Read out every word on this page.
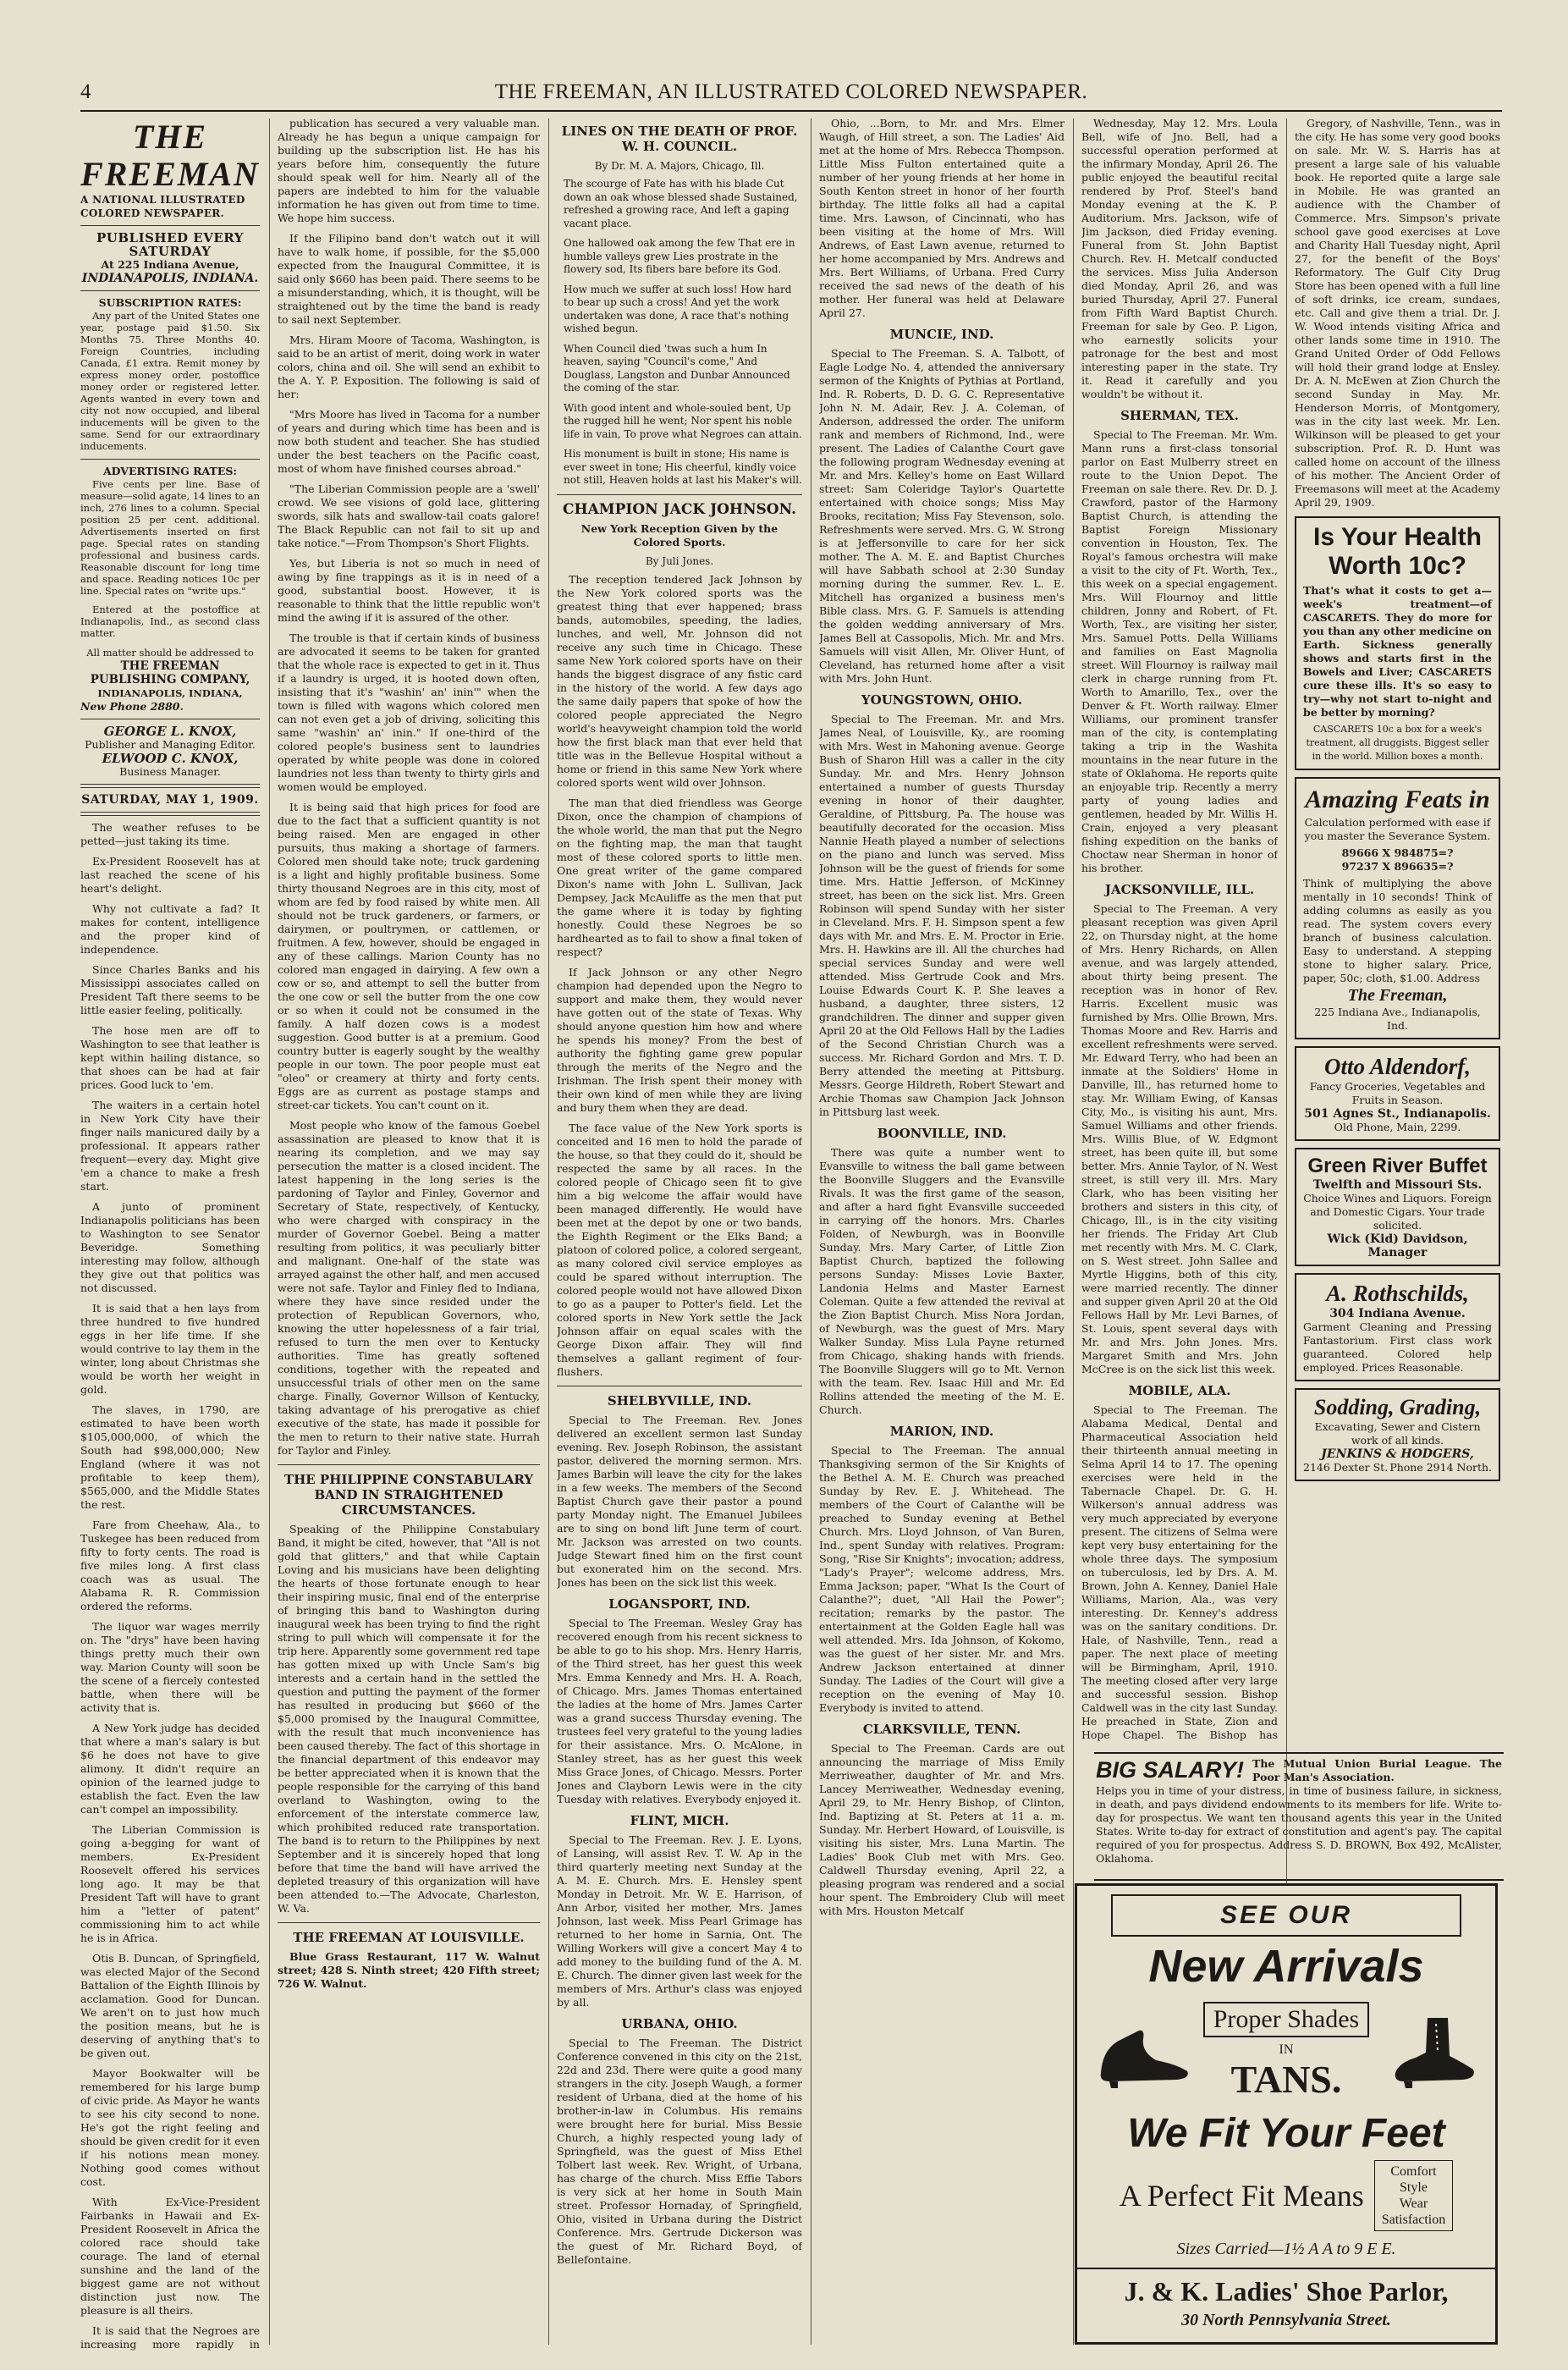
4	THE FREEMAN, AN ILLUSTRATED COLORED NEWSPAPER.
THE FREEMAN
A NATIONAL ILLUSTRATED COLORED NEWSPAPER.
PUBLISHED EVERY SATURDAY
At 225 Indiana Avenue,
INDIANAPOLIS, INDIANA.
SUBSCRIPTION RATES:

Any part of the United States one year, postage paid $1.50. Six Months 75. Three Months 40. Foreign Countries, including Canada, £1 extra. Remit money by express money order, postoffice money order or registered letter. Agents wanted in every town and city not now occupied, and liberal inducements will be given to the same. Send for our extraordinary inducements.

ADVERTISING RATES:

Five cents per line. Base of measure—solid agate, 14 lines to an inch, 276 lines to a column. Special position 25 per cent. additional. Advertisements inserted on first page. Special rates on standing professional and business cards. Reasonable discount for long time and space. Reading notices 10c per line. Special rates on "write ups."

Entered at the postoffice at Indianapolis, Ind., as second class matter.

All matter should be addressed to
THE FREEMAN PUBLISHING COMPANY,
INDIANAPOLIS, INDIANA,
New Phone 2880.
GEORGE L. KNOX,
Publisher and Managing Editor.
ELWOOD C. KNOX,
Business Manager.
SATURDAY, MAY 1, 1909.

The weather refuses to be petted—just taking its time.

Ex-President Roosevelt has at last reached the scene of his heart's delight.

Why not cultivate a fad? It makes for content, intelligence and the proper kind of independence.

Since Charles Banks and his Mississippi associates called on President Taft there seems to be little easier feeling, politically.

The hose men are off to Washington to see that leather is kept within hailing distance, so that shoes can be had at fair prices. Good luck to 'em.

The waiters in a certain hotel in New York City have their finger nails manicured daily by a professional. It appears rather frequent—every day. Might give 'em a chance to make a fresh start.

A junto of prominent Indianapolis politicians has been to Washington to see Senator Beveridge. Something interesting may follow, although they give out that politics was not discussed.

It is said that a hen lays from three hundred to five hundred eggs in her life time. If she would contrive to lay them in the winter, long about Christmas she would be worth her weight in gold.

The slaves, in 1790, are estimated to have been worth $105,000,000, of which the South had $98,000,000; New England (where it was not profitable to keep them), $565,000, and the Middle States the rest.

Fare from Cheehaw, Ala., to Tuskegee has been reduced from fifty to forty cents. The road is five miles long. A first class coach was as usual. The Alabama R. R. Commission ordered the reforms.

The liquor war wages merrily on. The "drys" have been having things pretty much their own way. Marion County will soon be the scene of a fiercely contested battle, when there will be activity that is.

A New York judge has decided that where a man's salary is but $6 he does not have to give alimony. It didn't require an opinion of the learned judge to establish the fact. Even the law can't compel an impossibility.

The Liberian Commission is going a-begging for want of members. Ex-President Roosevelt offered his services long ago. It may be that President Taft will have to grant him a "letter of patent" commissioning him to act while he is in Africa.

Otis B. Duncan, of Springfield, was elected Major of the Second Battalion of the Eighth Illinois by acclamation. Good for Duncan. We aren't on to just how much the position means, but he is deserving of anything that's to be given out.

Mayor Bookwalter will be remembered for his large bump of civic pride. As Mayor he wants to see his city second to none. He's got the right feeling and should be given credit for it even if his notions mean money. Nothing good comes without cost.

With Ex-Vice-President Fairbanks in Hawaii and Ex-President Roosevelt in Africa the colored race should take courage. The land of eternal sunshine and the land of the biggest game are not without distinction just now. The pleasure is all theirs.

It is said that the Negroes are increasing more rapidly in

publication has secured a very valuable man. Already he has begun a unique campaign for building up the subscription list. He has his years before him, consequently the future should speak well for him. Nearly all of the papers are indebted to him for the valuable information he has given out from time to time. We hope him success.

If the Filipino band don't watch out it will have to walk home, if possible, for the $5,000 expected from the Inaugural Committee, it is said only $660 has been paid. There seems to be a misunderstanding, which, it is thought, will be straightened out by the time the band is ready to sail next September.

Mrs. Hiram Moore of Tacoma, Washington, is said to be an artist of merit, doing work in water colors, china and oil. She will send an exhibit to the A. Y. P. Exposition. The following is said of her:

"Mrs Moore has lived in Tacoma for a number of years and during which time has been and is now both student and teacher. She has studied under the best teachers on the Pacific coast, most of whom have finished courses abroad."

"The Liberian Commission people are a 'swell' crowd. We see visions of gold lace, glittering swords, silk hats and swallow-tail coats galore! The Black Republic can not fail to sit up and take notice."—From Thompson's Short Flights.

Yes, but Liberia is not so much in need of awing by fine trappings as it is in need of a good, substantial boost. However, it is reasonable to think that the little republic won't mind the awing if it is assured of the other.

The trouble is that if certain kinds of business are advocated it seems to be taken for granted that the whole race is expected to get in it. Thus if a laundry is urged, it is hooted down often, insisting that it's "washin' an' inin'" when the town is filled with wagons which colored men can not even get a job of driving, soliciting this same "washin' an' inin." If one-third of the colored people's business sent to laundries operated by white people was done in colored laundries not less than twenty to thirty girls and women would be employed.

It is being said that high prices for food are due to the fact that a sufficient quantity is not being raised. Men are engaged in other pursuits, thus making a shortage of farmers. Colored men should take note; truck gardening is a light and highly profitable business. Some thirty thousand Negroes are in this city, most of whom are fed by food raised by white men. All should not be truck gardeners, or farmers, or dairymen, or poultrymen, or cattlemen, or fruitmen. A few, however, should be engaged in any of these callings. Marion County has no colored man engaged in dairying. A few own a cow or so, and attempt to sell the butter from the one cow or sell the butter from the one cow or so when it could not be consumed in the family. A half dozen cows is a modest suggestion. Good butter is at a premium. Good country butter is eagerly sought by the wealthy people in our town. The poor people must eat "oleo" or creamery at thirty and forty cents. Eggs are as current as postage stamps and street-car tickets. You can't count on it.

Most people who know of the famous Goebel assassination are pleased to know that it is nearing its completion, and we may say persecution the matter is a closed incident. The latest happening in the long series is the pardoning of Taylor and Finley, Governor and Secretary of State, respectively, of Kentucky, who were charged with conspiracy in the murder of Governor Goebel. Being a matter resulting from politics, it was peculiarly bitter and malignant. One-half of the state was arrayed against the other half, and men accused were not safe. Taylor and Finley fled to Indiana, where they have since resided under the protection of Republican Governors, who, knowing the utter hopelessness of a fair trial, refused to turn the men over to Kentucky authorities. Time has greatly softened conditions, together with the repeated and unsuccessful trials of other men on the same charge. Finally, Governor Willson of Kentucky, taking advantage of his prerogative as chief executive of the state, has made it possible for the men to return to their native state. Hurrah for Taylor and Finley.

THE PHILIPPINE CONSTABULARY BAND IN STRAIGHTENED CIRCUMSTANCES.

Speaking of the Philippine Constabulary Band, it might be cited, however, that "All is not gold that glitters," and that while Captain Loving and his musicians have been delighting the hearts of those fortunate enough to hear their inspiring music, final end of the enterprise of bringing this band to Washington during inaugural week has been trying to find the right string to pull which will compensate it for the trip here. Apparently some government red tape has gotten mixed up with Uncle Sam's big interests and a certain hand in the settled the question and putting the payment of the former has resulted in producing but $660 of the $5,000 promised by the Inaugural Committee, with the result that much inconvenience has been caused thereby. The fact of this shortage in the financial department of this endeavor may be better appreciated when it is known that the people responsible for the carrying of this band overland to Washington, owing to the enforcement of the interstate commerce law, which prohibited reduced rate transportation. The band is to return to the Philippines by next September and it is sincerely hoped that long before that time the band will have arrived the depleted treasury of this organization will have been attended to.—The Advocate, Charleston, W. Va.

THE FREEMAN AT LOUISVILLE.

Blue Grass Restaurant, 117 W. Walnut street; 428 S. Ninth street; 420 Fifth street; 726 W. Walnut.

LINES ON THE DEATH OF PROF. W. H. COUNCIL.
By Dr. M. A. Majors, Chicago, Ill.

The scourge of Fate has with his blade Cut down an oak whose blessed shade Sustained, refreshed a growing race, And left a gaping vacant place.

One hallowed oak among the few That ere in humble valleys grew Lies prostrate in the flowery sod, Its fibers bare before its God.

How much we suffer at such loss! How hard to bear up such a cross! And yet the work undertaken was done, A race that's nothing wished begun.

When Council died 'twas such a hum In heaven, saying "Council's come," And Douglass, Langston and Dunbar Announced the coming of the star.

With good intent and whole-souled bent, Up the rugged hill he went; Nor spent his noble life in vain, To prove what Negroes can attain.

His monument is built in stone; His name is ever sweet in tone; His cheerful, kindly voice not still, Heaven holds at last his Maker's will.

CHAMPION JACK JOHNSON.
New York Reception Given by the Colored Sports.
By Juli Jones.

The reception tendered Jack Johnson by the New York colored sports was the greatest thing that ever happened; brass bands, automobiles, speeding, the ladies, lunches, and well, Mr. Johnson did not receive any such time in Chicago. These same New York colored sports have on their hands the biggest disgrace of any fistic card in the history of the world. A few days ago the same daily papers that spoke of how the colored people appreciated the Negro world's heavyweight champion told the world how the first black man that ever held that title was in the Bellevue Hospital without a home or friend in this same New York where colored sports went wild over Johnson.

The man that died friendless was George Dixon, once the champion of champions of the whole world, the man that put the Negro on the fighting map, the man that taught most of these colored sports to little men. One great writer of the game compared Dixon's name with John L. Sullivan, Jack Dempsey, Jack McAuliffe as the men that put the game where it is today by fighting honestly. Could these Negroes be so hardhearted as to fail to show a final token of respect?

If Jack Johnson or any other Negro champion had depended upon the Negro to support and make them, they would never have gotten out of the state of Texas. Why should anyone question him how and where he spends his money? From the best of authority the fighting game grew popular through the merits of the Negro and the Irishman. The Irish spent their money with their own kind of men while they are living and bury them when they are dead.

The face value of the New York sports is conceited and 16 men to hold the parade of the house, so that they could do it, should be respected the same by all races. In the colored people of Chicago seen fit to give him a big welcome the affair would have been managed differently. He would have been met at the depot by one or two bands, the Eighth Regiment or the Elks Band; a platoon of colored police, a colored sergeant, as many colored civil service employes as could be spared without interruption. The colored people would not have allowed Dixon to go as a pauper to Potter's field. Let the colored sports in New York settle the Jack Johnson affair on equal scales with the George Dixon affair. They will find themselves a gallant regiment of four-flushers.

SHELBYVILLE, IND.

Special to The Freeman. Rev. Jones delivered an excellent sermon last Sunday evening. Rev. Joseph Robinson, the assistant pastor, delivered the morning sermon. Mrs. James Barbin will leave the city for the lakes in a few weeks. The members of the Second Baptist Church gave their pastor a pound party Monday night. The Emanuel Jubilees are to sing on bond lift June term of court. Mr. Jackson was arrested on two counts. Judge Stewart fined him on the first count but exonerated him on the second. Mrs. Jones has been on the sick list this week.

LOGANSPORT, IND.

Special to The Freeman. Wesley Gray has recovered enough from his recent sickness to be able to go to his shop. Mrs. Henry Harris, of the Third street, has her guest this week Mrs. Emma Kennedy and Mrs. H. A. Roach, of Chicago. Mrs. James Thomas entertained the ladies at the home of Mrs. James Carter was a grand success Thursday evening. The trustees feel very grateful to the young ladies for their assistance. Mrs. O. McAlone, in Stanley street, has as her guest this week Miss Grace Jones, of Chicago. Messrs. Porter Jones and Clayborn Lewis were in the city Tuesday with relatives. Everybody enjoyed it.

FLINT, MICH.

Special to The Freeman. Rev. J. E. Lyons, of Lansing, will assist Rev. T. W. Ap in the third quarterly meeting next Sunday at the A. M. E. Church. Mrs. E. Hensley spent Monday in Detroit. Mr. W. E. Harrison, of Ann Arbor, visited her mother, Mrs. James Johnson, last week. Miss Pearl Grimage has returned to her home in Sarnia, Ont. The Willing Workers will give a concert May 4 to add money to the building fund of the A. M. E. Church. The dinner given last week for the members of Mrs. Arthur's class was enjoyed by all.

URBANA, OHIO.

Special to The Freeman. The District Conference convened in this city on the 21st, 22d and 23d. There were quite a good many strangers in the city. Joseph Waugh, a former resident of Urbana, died at the home of his brother-in-law in Columbus. His remains were brought here for burial. Miss Bessie Church, a highly respected young lady of Springfield, was the guest of Miss Ethel Tolbert last week. Rev. Wright, of Urbana, has charge of the church. Miss Effie Tabors is very sick at her home in South Main street. Professor Hornaday, of Springfield, Ohio, visited in Urbana during the District Conference. Mrs. Gertrude Dickerson was the guest of Mr. Richard Boyd, of Bellefontaine.

Ohio, ...Born, to Mr. and Mrs. Elmer Waugh, of Hill street, a son. The Ladies' Aid met at the home of Mrs. Rebecca Thompson. Little Miss Fulton entertained quite a number of her young friends at her home in South Kenton street in honor of her fourth birthday. The little folks all had a capital time. Mrs. Lawson, of Cincinnati, who has been visiting at the home of Mrs. Will Andrews, of East Lawn avenue, returned to her home accompanied by Mrs. Andrews and Mrs. Bert Williams, of Urbana. Fred Curry received the sad news of the death of his mother. Her funeral was held at Delaware April 27.

MUNCIE, IND.

Special to The Freeman. S. A. Talbott, of Eagle Lodge No. 4, attended the anniversary sermon of the Knights of Pythias at Portland, Ind. R. Roberts, D. D. G. C. Representative John N. M. Adair, Rev. J. A. Coleman, of Anderson, addressed the order. The uniform rank and members of Richmond, Ind., were present. The Ladies of Calanthe Court gave the following program Wednesday evening at Mr. and Mrs. Kelley's home on East Willard street: Sam Coleridge Taylor's Quartette entertained with choice songs; Miss May Brooks, recitation; Miss Fay Stevenson, solo. Refreshments were served. Mrs. G. W. Strong is at Jeffersonville to care for her sick mother. The A. M. E. and Baptist Churches will have Sabbath school at 2:30 Sunday morning during the summer. Rev. L. E. Mitchell has organized a business men's Bible class. Mrs. G. F. Samuels is attending the golden wedding anniversary of Mrs. James Bell at Cassopolis, Mich. Mr. and Mrs. Samuels will visit Allen, Mr. Oliver Hunt, of Cleveland, has returned home after a visit with Mrs. John Hunt.

YOUNGSTOWN, OHIO.

Special to The Freeman. Mr. and Mrs. James Neal, of Louisville, Ky., are rooming with Mrs. West in Mahoning avenue. George Bush of Sharon Hill was a caller in the city Sunday. Mr. and Mrs. Henry Johnson entertained a number of guests Thursday evening in honor of their daughter, Geraldine, of Pittsburg, Pa. The house was beautifully decorated for the occasion. Miss Nannie Heath played a number of selections on the piano and lunch was served. Miss Johnson will be the guest of friends for some time. Mrs. Hattie Jefferson, of McKinney street, has been on the sick list. Mrs. Green Robinson will spend Sunday with her sister in Cleveland. Mrs. F. H. Simpson spent a few days with Mr. and Mrs. E. M. Proctor in Erie. Mrs. H. Hawkins are ill. All the churches had special services Sunday and were well attended. Miss Gertrude Cook and Mrs. Louise Edwards Court K. P. She leaves a husband, a daughter, three sisters, 12 grandchildren. The dinner and supper given April 20 at the Old Fellows Hall by the Ladies of the Second Christian Church was a success. Mr. Richard Gordon and Mrs. T. D. Berry attended the meeting at Pittsburg. Messrs. George Hildreth, Robert Stewart and Archie Thomas saw Champion Jack Johnson in Pittsburg last week.

BOONVILLE, IND.

There was quite a number went to Evansville to witness the ball game between the Boonville Sluggers and the Evansville Rivals. It was the first game of the season, and after a hard fight Evansville succeeded in carrying off the honors. Mrs. Charles Folden, of Newburgh, was in Boonville Sunday. Mrs. Mary Carter, of Little Zion Baptist Church, baptized the following persons Sunday: Misses Lovie Baxter, Landonia Helms and Master Earnest Coleman. Quite a few attended the revival at the Zion Baptist Church. Miss Nora Jordan, of Newburgh, was the guest of Mrs. Mary Walker Sunday. Miss Lula Payne returned from Chicago, shaking hands with friends. The Boonville Sluggers will go to Mt. Vernon with the team. Rev. Isaac Hill and Mr. Ed Rollins attended the meeting of the M. E. Church.

MARION, IND.

Special to The Freeman. The annual Thanksgiving sermon of the Sir Knights of the Bethel A. M. E. Church was preached Sunday by Rev. E. J. Whitehead. The members of the Court of Calanthe will be preached to Sunday evening at Bethel Church. Mrs. Lloyd Johnson, of Van Buren, Ind., spent Sunday with relatives. Program: Song, "Rise Sir Knights"; invocation; address, "Lady's Prayer"; welcome address, Mrs. Emma Jackson; paper, "What Is the Court of Calanthe?"; duet, "All Hail the Power"; recitation; remarks by the pastor. The entertainment at the Golden Eagle hall was well attended. Mrs. Ida Johnson, of Kokomo, was the guest of her sister. Mr. and Mrs. Andrew Jackson entertained at dinner Sunday. The Ladies of the Court will give a reception on the evening of May 10. Everybody is invited to attend.

CLARKSVILLE, TENN.

Special to The Freeman. Cards are out announcing the marriage of Miss Emily Merriweather, daughter of Mr. and Mrs. Lancey Merriweather, Wednesday evening, April 29, to Mr. Henry Bishop, of Clinton, Ind. Baptizing at St. Peters at 11 a. m. Sunday. Mr. Herbert Howard, of Louisville, is visiting his sister, Mrs. Luna Martin. The Ladies' Book Club met with Mrs. Geo. Caldwell Thursday evening, April 22, a pleasing program was rendered and a social hour spent. The Embroidery Club will meet with Mrs. Houston Metcalf

Wednesday, May 12. Mrs. Loula Bell, wife of Jno. Bell, had a successful operation performed at the infirmary Monday, April 26. The public enjoyed the beautiful recital rendered by Prof. Steel's band Monday evening at the K. P. Auditorium. Mrs. Jackson, wife of Jim Jackson, died Friday evening. Funeral from St. John Baptist Church. Rev. H. Metcalf conducted the services. Miss Julia Anderson died Monday, April 26, and was buried Thursday, April 27. Funeral from Fifth Ward Baptist Church. Freeman for sale by Geo. P. Ligon, who earnestly solicits your patronage for the best and most interesting paper in the state. Try it. Read it carefully and you wouldn't be without it.

SHERMAN, TEX.

Special to The Freeman. Mr. Wm. Mann runs a first-class tonsorial parlor on East Mulberry street en route to the Union Depot. The Freeman on sale there. Rev. Dr. D. J. Crawford, pastor of the Harmony Baptist Church, is attending the Baptist Foreign Missionary convention in Houston, Tex. The Royal's famous orchestra will make a visit to the city of Ft. Worth, Tex., this week on a special engagement. Mrs. Will Flournoy and little children, Jonny and Robert, of Ft. Worth, Tex., are visiting her sister, Mrs. Samuel Potts. Della Williams and families on East Magnolia street. Will Flournoy is railway mail clerk in charge running from Ft. Worth to Amarillo, Tex., over the Denver & Ft. Worth railway. Elmer Williams, our prominent transfer man of the city, is contemplating taking a trip in the Washita mountains in the near future in the state of Oklahoma. He reports quite an enjoyable trip. Recently a merry party of young ladies and gentlemen, headed by Mr. Willis H. Crain, enjoyed a very pleasant fishing expedition on the banks of Choctaw near Sherman in honor of his brother.

JACKSONVILLE, ILL.

Special to The Freeman. A very pleasant reception was given April 22, on Thursday night, at the home of Mrs. Henry Richards, on Allen avenue, and was largely attended, about thirty being present. The reception was in honor of Rev. Harris. Excellent music was furnished by Mrs. Ollie Brown, Mrs. Thomas Moore and Rev. Harris and excellent refreshments were served. Mr. Edward Terry, who had been an inmate at the Soldiers' Home in Danville, Ill., has returned home to stay. Mr. William Ewing, of Kansas City, Mo., is visiting his aunt, Mrs. Samuel Williams and other friends. Mrs. Willis Blue, of W. Edgmont street, has been quite ill, but some better. Mrs. Annie Taylor, of N. West street, is still very ill. Mrs. Mary Clark, who has been visiting her brothers and sisters in this city, of Chicago, Ill., is in the city visiting her friends. The Friday Art Club met recently with Mrs. M. C. Clark, on S. West street. John Sallee and Myrtle Higgins, both of this city, were married recently. The dinner and supper given April 20 at the Old Fellows Hall by Mr. Levi Barnes, of St. Louis, spent several days with Mr. and Mrs. John Jones. Mrs. Margaret Smith and Mrs. John McCree is on the sick list this week.

MOBILE, ALA.

Special to The Freeman. The Alabama Medical, Dental and Pharmaceutical Association held their thirteenth annual meeting in Selma April 14 to 17. The opening exercises were held in the Tabernacle Chapel. Dr. G. H. Wilkerson's annual address was very much appreciated by everyone present. The citizens of Selma were kept very busy entertaining for the whole three days. The symposium on tuberculosis, led by Drs. A. M. Brown, John A. Kenney, Daniel Hale Williams, Marion, Ala., was very interesting. Dr. Kenney's address was on the sanitary conditions. Dr. Hale, of Nashville, Tenn., read a paper. The next place of meeting will be Birmingham, April, 1910. The meeting closed after very large and successful session. Bishop Caldwell was in the city last Sunday. He preached in State, Zion and Hope Chapel. The Bishop has

Gregory, of Nashville, Tenn., was in the city. He has some very good books on sale. Mr. W. S. Harris has at present a large sale of his valuable book. He reported quite a large sale in Mobile. He was granted an audience with the Chamber of Commerce. Mrs. Simpson's private school gave good exercises at Love and Charity Hall Tuesday night, April 27, for the benefit of the Boys' Reformatory. The Gulf City Drug Store has been opened with a full line of soft drinks, ice cream, sundaes, etc. Call and give them a trial. Dr. J. W. Wood intends visiting Africa and other lands some time in 1910. The Grand United Order of Odd Fellows will hold their grand lodge at Ensley. Dr. A. N. McEwen at Zion Church the second Sunday in May. Mr. Henderson Morris, of Montgomery, was in the city last week. Mr. Len. Wilkinson will be pleased to get your subscription. Prof. R. D. Hunt was called home on account of the illness of his mother. The Ancient Order of Freemasons will meet at the Academy April 29, 1909.

Is Your Health Worth 10c?
That's what it costs to get a—week's treatment—of CASCARETS. They do more for you than any other medicine on Earth. Sickness generally shows and starts first in the Bowels and Liver; CASCARETS cure these ills. It's so easy to try—why not start to-night and be better by morning?
CASCARETS 10c a box for a week's treatment, all druggists. Biggest seller in the world. Million boxes a month.
Amazing Feats in
Calculation performed with ease if you master the Severance System.
89666 X 984875=?
97237 X 896635=?
Think of multiplying the above mentally in 10 seconds! Think of adding columns as easily as you read. The system covers every branch of business calculation. Easy to understand. A stepping stone to higher salary. Price, paper, 50c; cloth, $1.00. Address
The Freeman,
225 Indiana Ave., Indianapolis, Ind.
Otto Aldendorf,
Fancy Groceries, Vegetables and Fruits in Season.
501 Agnes St., Indianapolis.
Old Phone, Main, 2299.
Green River Buffet
Twelfth and Missouri Sts.
Choice Wines and Liquors. Foreign and Domestic Cigars. Your trade solicited.
Wick (Kid) Davidson, Manager
A. Rothschilds,
304 Indiana Avenue.
Garment Cleaning and Pressing Fantastorium. First class work guaranteed. Colored help employed. Prices Reasonable.
Sodding, Grading,
Excavating, Sewer and Cistern work of all kinds.
JENKINS & HODGERS,
2146 Dexter St. Phone 2914 North.
BIG SALARY! The Mutual Union Burial League. The Poor Man's Association.
Helps you in time of your distress, in time of business failure, in sickness, in death, and pays dividend endowments to its members for life. Write to-day for prospectus. We want ten thousand agents this year in the United States. Write to-day for extract of constitution and agent's pay. The capital required of you for prospectus. Address S. D. BROWN, Box 492, McAlister, Oklahoma.
SEE OUR
New Arrivals
Proper Shades
IN
TANS.
We Fit Your Feet
A Perfect Fit Means
Comfort
Style
Wear
Satisfaction
Sizes Carried—1½ A A to 9 E E.
J. & K. Ladies' Shoe Parlor,
30 North Pennsylvania Street.
